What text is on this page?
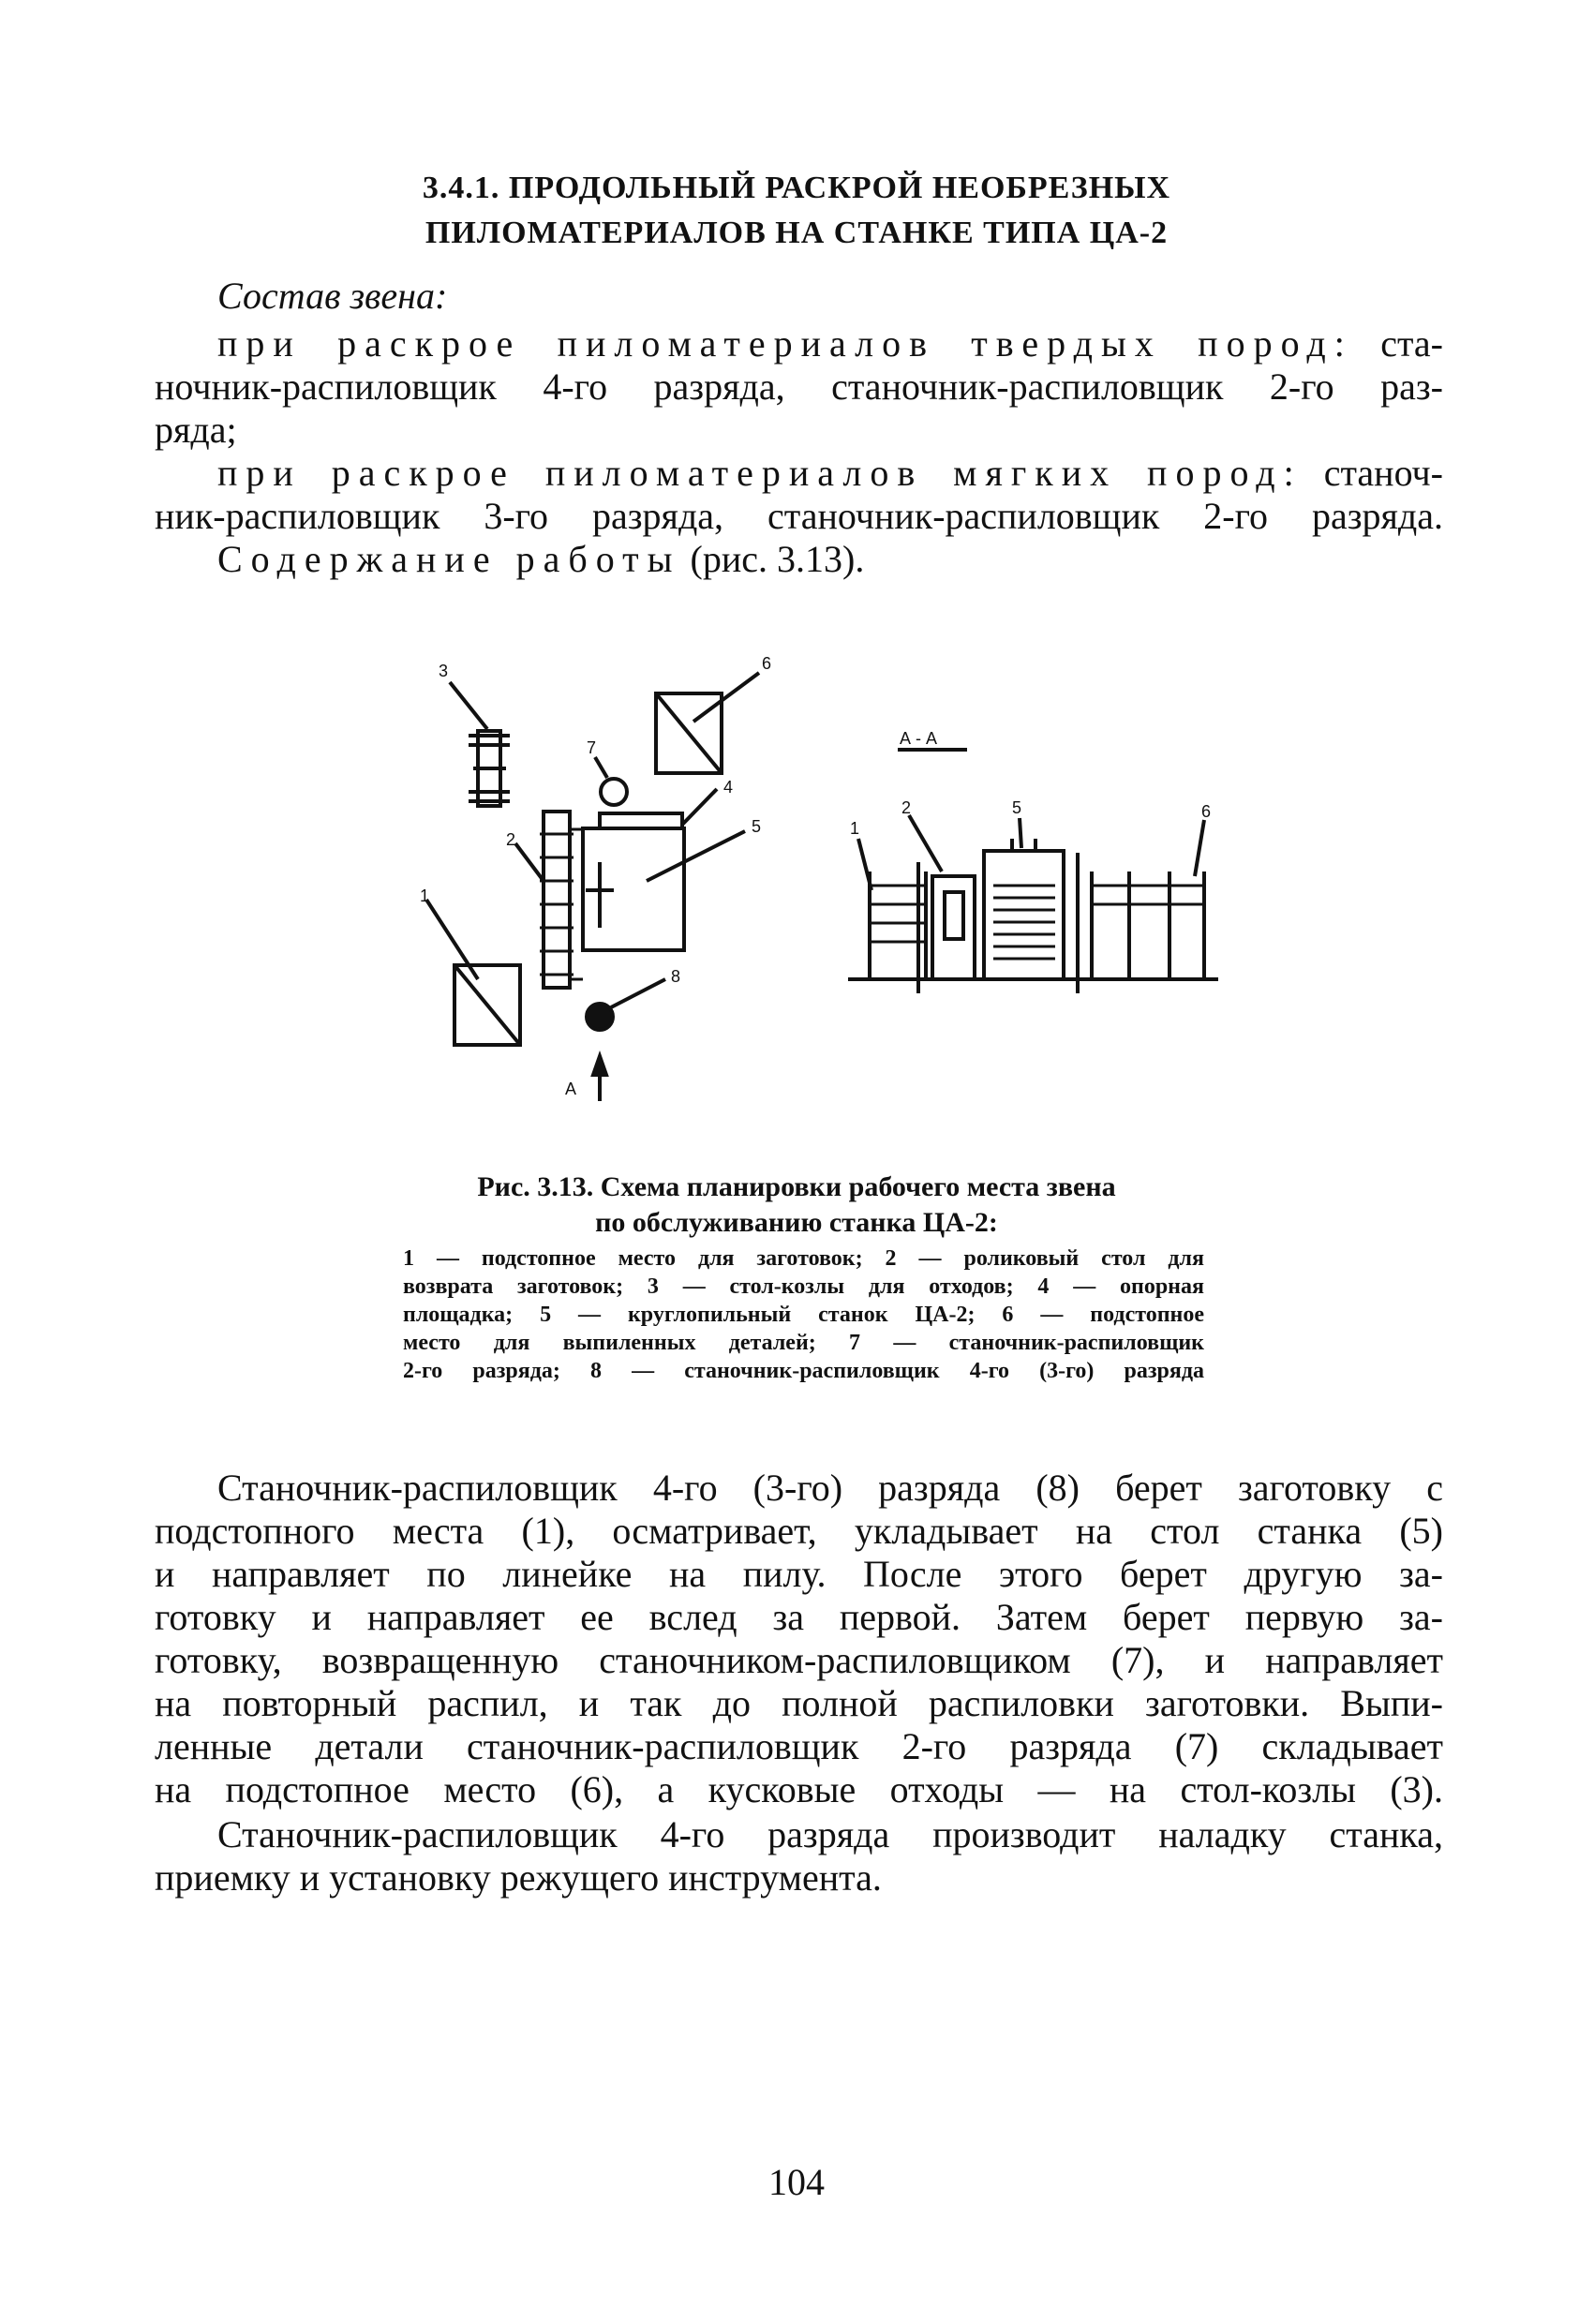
3.4.1. ПРОДОЛЬНЫЙ РАСКРОЙ НЕОБРЕЗНЫХ
ПИЛОМАТЕРИАЛОВ НА СТАНКЕ ТИПА ЦА-2
Состав звена:
при раскрое пиломатериалов твердых пород: ста-
ночник-распиловщик 4-го разряда, станочник-распиловщик 2-го раз-
ряда;
при раскрое пиломатериалов мягких пород: станоч-
ник-распиловщик 3-го разряда, станочник-распиловщик 2-го разряда.
Содержание работы (рис. 3.13).
3	6
7
4
5
2
1
8
А
А - А
1
2	5	6
Рис. 3.13. Схема планировки рабочего места звена
по обслуживанию станка ЦА-2:
1 — подстопное место для заготовок; 2 — роликовый стол для
возврата заготовок; 3 — стол-козлы для отходов; 4 — опорная
площадка; 5 — круглопильный станок ЦА-2; 6 — подстопное
место для выпиленных деталей; 7 — станочник-распиловщик
2-го разряда; 8 — станочник-распиловщик 4-го (3-го) разряда
Станочник-распиловщик 4-го (3-го) разряда (8) берет заготовку с
подстопного места (1), осматривает, укладывает на стол станка (5)
и направляет по линейке на пилу. После этого берет другую за-
готовку и направляет ее вслед за первой. Затем берет первую за-
готовку, возвращенную станочником-распиловщиком (7), и направляет
на повторный распил, и так до полной распиловки заготовки. Выпи-
ленные детали станочник-распиловщик 2-го разряда (7) складывает
на подстопное место (6), а кусковые отходы — на стол-козлы (3).
Станочник-распиловщик 4-го разряда производит наладку станка,
приемку и установку режущего инструмента.
104
